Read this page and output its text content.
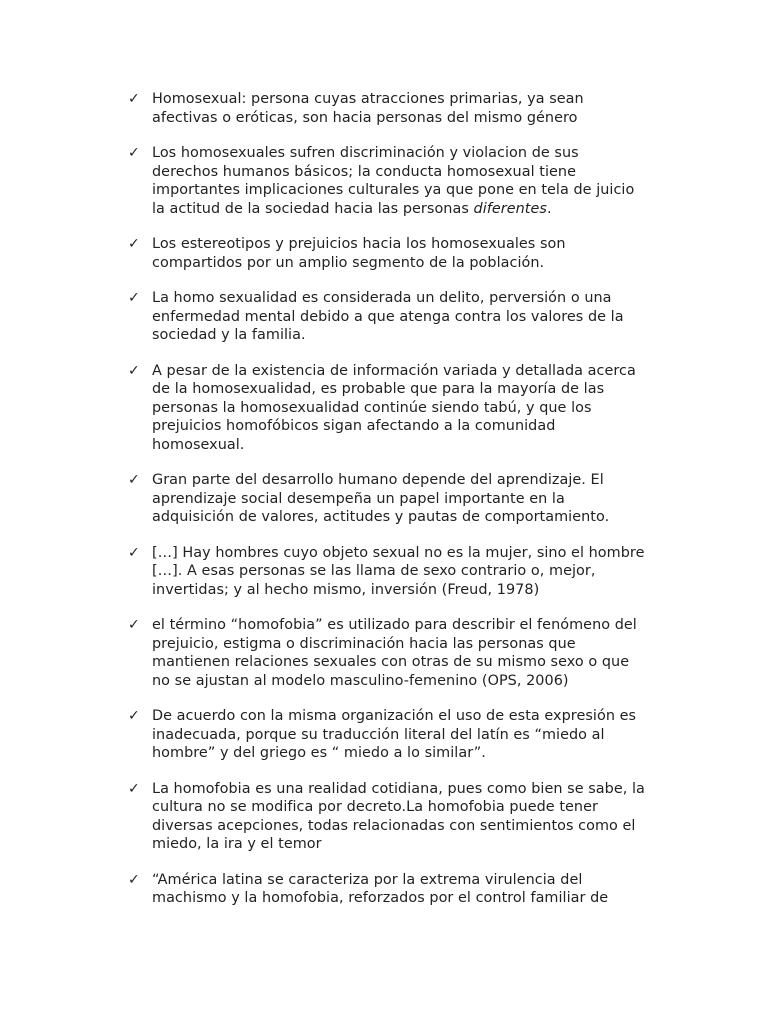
✓ Homosexual: persona cuyas atracciones primarias, ya sean afectivas o eróticas, son hacia personas del mismo género
✓ Los homosexuales sufren discriminación y violacion de sus derechos humanos básicos; la conducta homosexual tiene importantes implicaciones culturales ya que pone en tela de juicio la actitud de la sociedad hacia las personas diferentes.
✓ Los estereotipos y prejuicios hacia los homosexuales son compartidos por un amplio segmento de la población.
✓ La homo sexualidad es considerada un delito, perversión o una enfermedad mental debido a que atenga contra los valores de la sociedad y la familia.
✓ A pesar de la existencia de información variada y detallada acerca de la homosexualidad, es probable que para la mayoría de las personas la homosexualidad continúe siendo tabú, y que los prejuicios homofóbicos sigan afectando a la comunidad homosexual.
✓ Gran parte del desarrollo humano depende del aprendizaje. El aprendizaje social desempeña un papel importante en la adquisición de valores, actitudes y pautas de comportamiento.
✓ […] Hay hombres cuyo objeto sexual no es la mujer, sino el hombre […]. A esas personas se las llama de sexo contrario o, mejor, invertidas; y al hecho mismo, inversión (Freud, 1978)
✓ el término “homofobia” es utilizado para describir el fenómeno del prejuicio, estigma o discriminación hacia las personas que mantienen relaciones sexuales con otras de su mismo sexo o que no se ajustan al modelo masculino-femenino (OPS, 2006)
✓ De acuerdo con la misma organización el uso de esta expresión es inadecuada, porque su traducción literal del latín es “miedo al hombre” y del griego es “ miedo a lo similar”.
✓ La homofobia es una realidad cotidiana, pues como bien se sabe, la cultura no se modifica por decreto.La homofobia puede tener diversas acepciones, todas relacionadas con sentimientos como el miedo, la ira y el temor
✓ “América latina se caracteriza por la extrema virulencia del machismo y la homofobia, reforzados por el control familiar de
